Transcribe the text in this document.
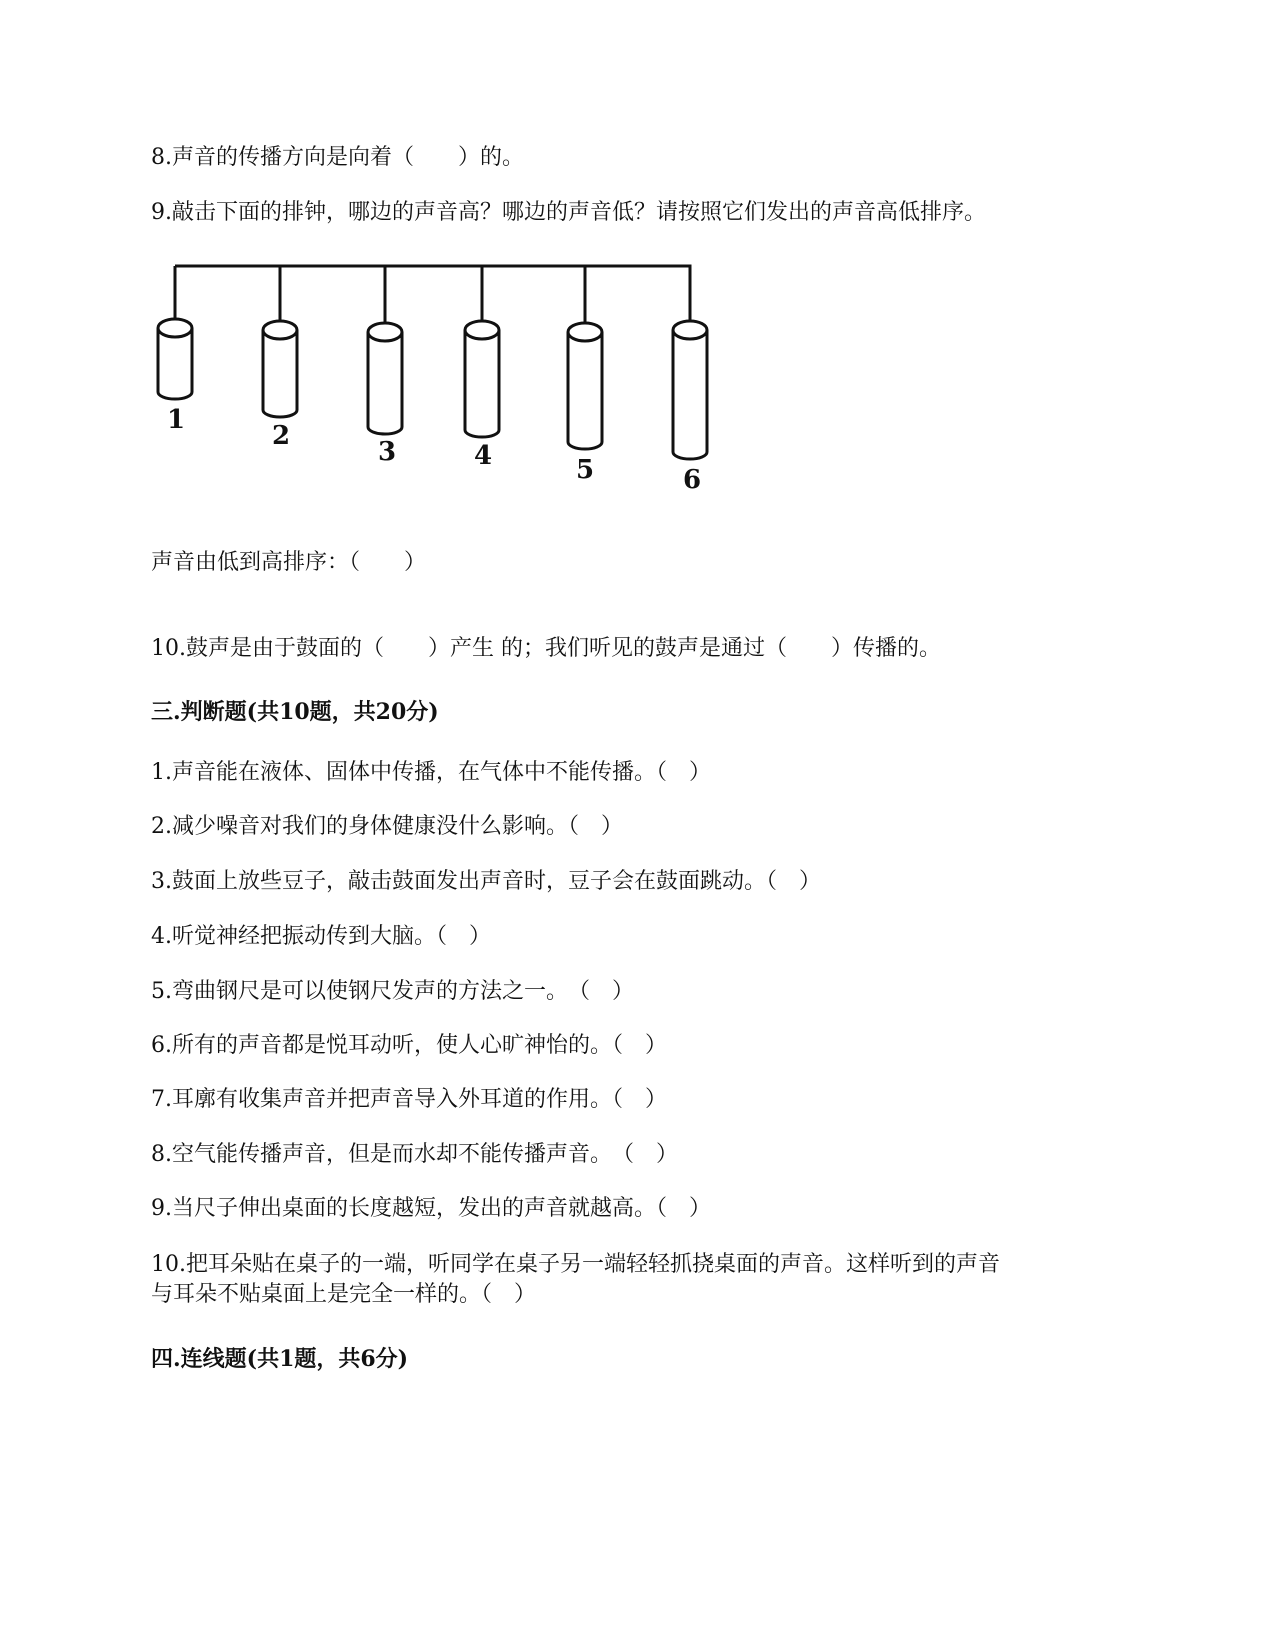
8.声音的传播方向是向着（　　）的。
9.敲击下面的排钟，哪边的声音高？哪边的声音低？请按照它们发出的声音高低排序。
1
2
3	4	5	6
声音由低到高排序：（　　）
10.鼓声是由于鼓面的（　　）产生 的；我们听见的鼓声是通过（　　）传播的。
三.判断题(共10题，共20分)
1.声音能在液体、固体中传播，在气体中不能传播。（　）
2.减少噪音对我们的身体健康没什么影响。（　）
3.鼓面上放些豆子，敲击鼓面发出声音时，豆子会在鼓面跳动。（　）
4.听觉神经把振动传到大脑。（　）
5.弯曲钢尺是可以使钢尺发声的方法之一。　（　）
6.所有的声音都是悦耳动听，使人心旷神怡的。（　）
7.耳廓有收集声音并把声音导入外耳道的作用。（　）
8.空气能传播声音，但是而水却不能传播声音。　（　）
9.当尺子伸出桌面的长度越短，发出的声音就越高。（　）
10.把耳朵贴在桌子的一端，听同学在桌子另一端轻轻抓挠桌面的声音。这样听到的声音
与耳朵不贴桌面上是完全一样的。（　）
四.连线题(共1题，共6分)
